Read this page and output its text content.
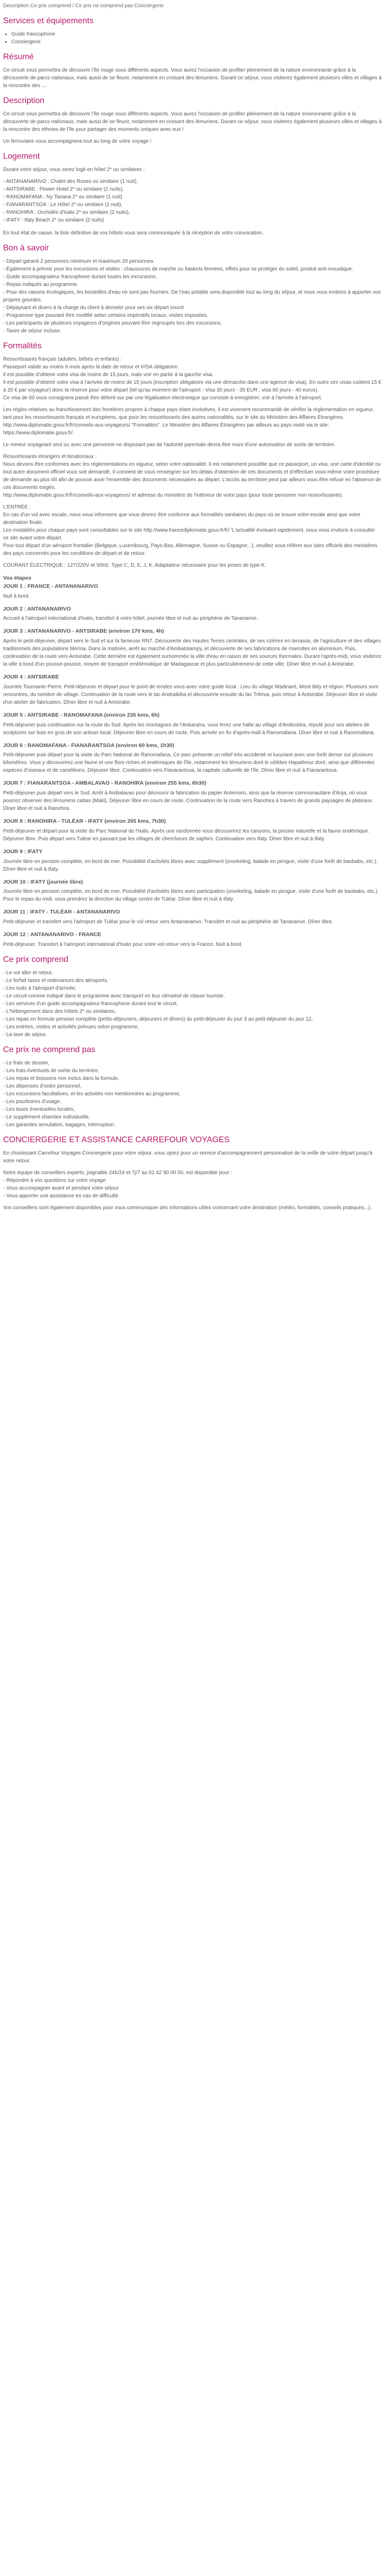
Description Ce prix comprend / Ce prix ne comprend pas Conciergerie
Services et équipements
• Guide francophone
• Conciergerie
Résumé

Ce circuit vous permettra de découvrir l'île rouge sous différents aspects. Vous aurez l'occasion de profiter pleinement de la nature environnante grâce à la découverte de parcs nationaux, mais aussi de se fleurir, notamment en croisant des lémuriens. Durant ce séjour, vous visiterez également plusieurs villes et villages à la rencontre des ...

Description

Ce circuit vous permettra de découvrir l'île rouge sous différents aspects. Vous aurez l'occasion de profiter pleinement de la nature environnante grâce à la découverte de parcs nationaux, mais aussi de se fleurir, notamment en croisant des lémuriens. Durant ce séjour, vous visiterez également plusieurs villes et villages à la rencontre des ethnies de l'île pour partager des moments uniques avec eux !

Un ferroviaire vous accompagnera tout au long de votre voyage !

Logement

Durant votre séjour, vous serez logé en hôtel 2* ou similaires :

- ANTANANARIVO : Chalet des Roses ou similaire (1 nuit),

- ANTSIRABE : Flower Hotel 2* ou similaire (2 nuits),

- RANOMAFANA : Ny Tanana 2* ou similaire (1 nuit)

- FIANARANTSOA : Le Hôtel 2* ou similaire (1 nuit),

- RANOHIRA : Orchidée d'Isalo 2* ou similaire (2 nuits),

- IFATY : Ifaty Beach 2* ou similaire (2 nuits)

En tout état de cause, la liste définitive de vos hôtels vous sera communiquée à la réception de votre convocation.

Bon à savoir

- Départ garanti 2 personnes minimum et maximum 20 personnes.

- Également à prévoir pour les excursions et visites : chaussures de marche ou baskets fermées, effets pour se protéger du soleil, produit anti-moustique.

- Guide accompagnateur francophone durant toutes les excursions.

- Repas indiqués au programme.

- Pour des raisons écologiques, les bouteilles d'eau ne sont pas fournies. De l'eau potable sera disponible tout au long du séjour, et nous vous invitons à apporter vos propres gourdes.

- Dépaysant et divers à la charge du client à demeler pour ses six départ inscrit

- Programme type pouvant être modifié selon certains impératifs locaux, visites imposées.

- Les participants de plusieurs voyageurs d'origines pouvant être regroupés lors des excursions.

- Taxes de séjour incluse.

Formalités

Ressortissants français (adultes, bébés et enfants) :
Passeport valide au moins 6 mois après la date de retour et VISA obligatoire.
Il est possible d'obtenir votre visa de moins de 15 jours, mais voir en partie à la gauche visa.
Il est possible d'obtenir votre visa à l'arrivée de moins de 15 jours (inscription obligatoire via une démarche dans une agence de visa). En outre ces visas coûtent 15 € à 20 € par voyageur) donc la réserve pour votre départ (tel qu'au moment de l'aéroport - Visa 30 jours - 35 EUR ; visa 60 jours - 40 euros).
Ce visa de 60 vous consignera passé être délivré sur par une légalisation électronique qui consiste à enregistrer, voir à l'arrivée à l'aéroport.

Les règles relatives au franchissement des frontières propres à chaque pays étant évolutives, il est vivement recommandé de vérifier la réglementation en vigueur, tant pour les ressortissants français et européens, que pour les ressortissants des autres nationalités, sur le site du Ministère des Affaires Étrangères.
http://www.diplomatie.gouv.fr/fr/conseils-aux-voyageurs/ "Formalités". Le Ministère des Affaires Étrangères par ailleurs au pays visité via le site: https://www.diplomatie.gouv.fr/.

Le mineur voyageant seul ou avec une personne ne disposant pas de l'autorité parentale devra être muni d'une autorisation de sortie de territoire.

Ressortissants étrangers et binationaux :
Nous devons être conformes avec les réglementations en vigueur, selon votre nationalité. Il est notamment possible que ce passeport, un visa, une carte d'identité ou tout autre document officiel vous soit demandé. Il convient de vous renseigner sur les délais d'obtention de ces documents et d'effectuer vous-même votre procédure de demande au plus tôt afin de pouvoir avoir l'ensemble des documents nécessaires au départ. L'accès au territoire peut par ailleurs vous être refusé en l'absence de ces documents exigés.
http://www.diplomatie.gouv.fr/fr/conseils-aux-voyageurs/ et adresse du ministère de l'intérieur de votre pays (pour toute personne non ressortissante).

L'ENTRÉE :
En cas d'un vol avec escale, nous vous informons que vous devrez être conforme aux formalités sanitaires du pays où se trouve votre escale ainsi que votre destination finale.
Les modalités pour chaque pays sont consultables sur le site http://www.francediplomatie.gouv.fr/fr/ 'L'actualité évoluant rapidement, nous vous invitons à consulter ce site avant votre départ.
Pour tout départ d'un aéroport frontalier (Belgique, Luxembourg, Pays-Bas, Allemagne, Suisse ou Espagne...), veuillez vous référer aux sites officiels des ministères des pays concernés pour les conditions de départ et de retour.

COURANT ÉLECTRIQUE : 127/220V et 50Hz. Type C, D, E, J, K. Adaptateur nécessaire pour les prises de type K.

Vos étapes
JOUR 1 : FRANCE - ANTANANARIVO

Nuit à bord.

JOUR 2 : ANTANANARIVO

Accueil à l'aéroport international d'Ivato, transfert à votre hôtel, journée libre et nuit au périphérie de Tananarive.

JOUR 3 : ANTANANARIVO - ANTSIRABE (environ 170 kms, 4h)

Après le petit-déjeuner, départ vers le Sud et sur la fameuse RN7. Découverte des Hautes Terres centrales, de ses rizières en terrasse, de l'agriculture et des villages traditionnels des populations Merina. Dans la matinée, arrêt au marché d'Ambatolampy, et découverte de ses fabrications de marmites en aluminium. Puis, continuation de la route vers Antsirabe. Cette dernière est également surnommée la ville d'eau en raison de ses sources thermales. Durant l'après-midi, vous visiterez la ville à bord d'un pousse-pousse, moyen de transport emblématique de Madagascar et plus particulièrement de cette ville. Dîner libre et nuit à Antsirabe.

JOUR 4 : ANTSIRABE

Journée Tournante Pierre. Petit-déjeuner et départ pour le point de rendez-vous avec votre guide local : Lieu du village Madinaré, Mont Ibity et région. Plusieurs sont rencontres, du nombre de village. Continuation de la route vers le lac Andraikiba et découverte ensuite du lac Tritriva, puis retour à Antsirabe. Déjeuner libre et visite d'un atelier de fabrication. Dîner libre et nuit à Antsirabe.

JOUR 5 : ANTSIRABE - RANOMAFANA (environ 235 kms, 6h)

Petit-déjeuner puis continuation sur la route du Sud. Après les montagnes de l'Ankaratra, vous ferez une halte au village d'Ambositra, réputé pour ses ateliers de sculptures sur bois en gros de son artisan local. Déjeuner libre en cours de route. Puis arrivée en fin d'après-midi à Ranomafana. Dîner libre et nuit à Ranomafana.

JOUR 6 : RANOMAFANA - FIANARANTSOA (environ 60 kms, 1h30)

Petit-déjeuner puis départ pour la visite du Parc National de Ranomafana. Ce parc présente un relief très accidenté et luxuriant avec une forêt dense sur plusieurs kilomètres. Vous y découvrirez une faune et une flore riches et endémiques de l'île, notamment les lémuriens dont le célèbre Hapalémur doré, ainsi que différentes espèces d'oiseaux et de caméléons. Déjeuner libre. Continuation vers Fianarantsoa, la capitale culturelle de l'île. Dîner libre et nuit à Fianarantsoa.

JOUR 7 : FIANARANTSOA - AMBALAVAO - RANOHIRA (environ 255 kms, 6h30)

Petit-déjeuner puis départ vers le Sud. Arrêt à Ambalavao pour découvrir la fabrication du papier Antemoro, ainsi que la réserve communautaire d'Anja, où vous pourrez observer des lémuriens cattas (Maki). Déjeuner libre en cours de route. Continuation de la route vers Ranohira à travers de grands paysages de plateaux. Dîner libre et nuit à Ranohira.

JOUR 8 : RANOHIRA - TULÉAR - IFATY (environ 265 kms, 7h30)

Petit-déjeuner et départ pour la visite du Parc National de l'Isalo. Après une randonnée vous découvrirez les canyons, la piscine naturelle et la faune endémique. Déjeuner libre. Puis départ vers Tuléar en passant par les villages de chercheurs de saphirs. Continuation vers Ifaty. Dîner libre et nuit à Ifaty.

JOUR 9 : IFATY

Journée libre en pension complète, en bord de mer. Possibilité d'activités libres avec supplément (snorkeling, balade en pirogue, visite d'une forêt de baobabs, etc.). Dîner libre et nuit à Ifaty.

JOUR 10 : IFATY (journée libre)

Journée libre en pension complète, en bord de mer. Possibilité d'activités libres avec participation (snorkeling, balade en pirogue, visite d'une forêt de baobabs, etc.). Pour le repas du midi, vous prendrez la direction du village centre de Tuléar. Dîner libre et nuit à Ifaty.

JOUR 11 : IFATY - TULÉAR - ANTANANARIVO

Petit-déjeuner et transfert vers l'aéroport de Tuléar pour le vol retour vers Antananarivo. Transfert et nuit au périphérie de Tananarive. Dîner libre.

JOUR 12 : ANTANANARIVO - FRANCE

Petit-déjeuner. Transfert à l'aéroport international d'Ivato pour votre vol retour vers la France. Nuit à bord.

Ce prix comprend

- Le vol aller et retour,

- Le forfait taxes et redevances des aéroports,

- Les nuits à l'aéroport d'arrivée,

- Le circuit comme indiqué dans le programme avec transport en bus climatisé de classe touriste,

- Les services d'un guide accompagnateur francophone durant tout le circuit,

- L'hébergement dans des hôtels 2* ou similaires,

- Les repas en formule pension complète (petits-déjeuners, déjeuners et dîners) du petit-déjeuner du jour 3 au petit-déjeuner du jour 12,

- Les entrées, visites et activités prévues selon programme,

- La taxe de séjour.

Ce prix ne comprend pas

- Le frais de dossier,

- Les frais éventuels de sortie du territoire,

- Les repas et boissons non inclus dans la formule,

- Les dépenses d'ordre personnel,

- Les excursions facultatives, et les activités non mentionnées au programme,

- Les pourboires d'usage,

- Les taxes éventuelles locales,

- Le supplément chambre individuelle,

- Les garanties annulation, bagages, interruption.

CONCIERGERIE ET ASSISTANCE CARREFOUR VOYAGES

En choisissant Carrefour Voyages Conciergerie pour votre séjour, vous optez pour un service d'accompagnement personnalisé de la veille de votre départ jusqu'à votre retour.

Notre équipe de conseillers experts, joignable 24h/24 et 7j/7 au 01 42 90 00 00, est disponible pour :
- Répondre à vos questions sur votre voyage
- Vous accompagner avant et pendant votre séjour
- Vous apporter une assistance en cas de difficulté

Vos conseillers sont également disponibles pour vous communiquer des informations utiles concernant votre destination (météo, formalités, conseils pratiques...).
